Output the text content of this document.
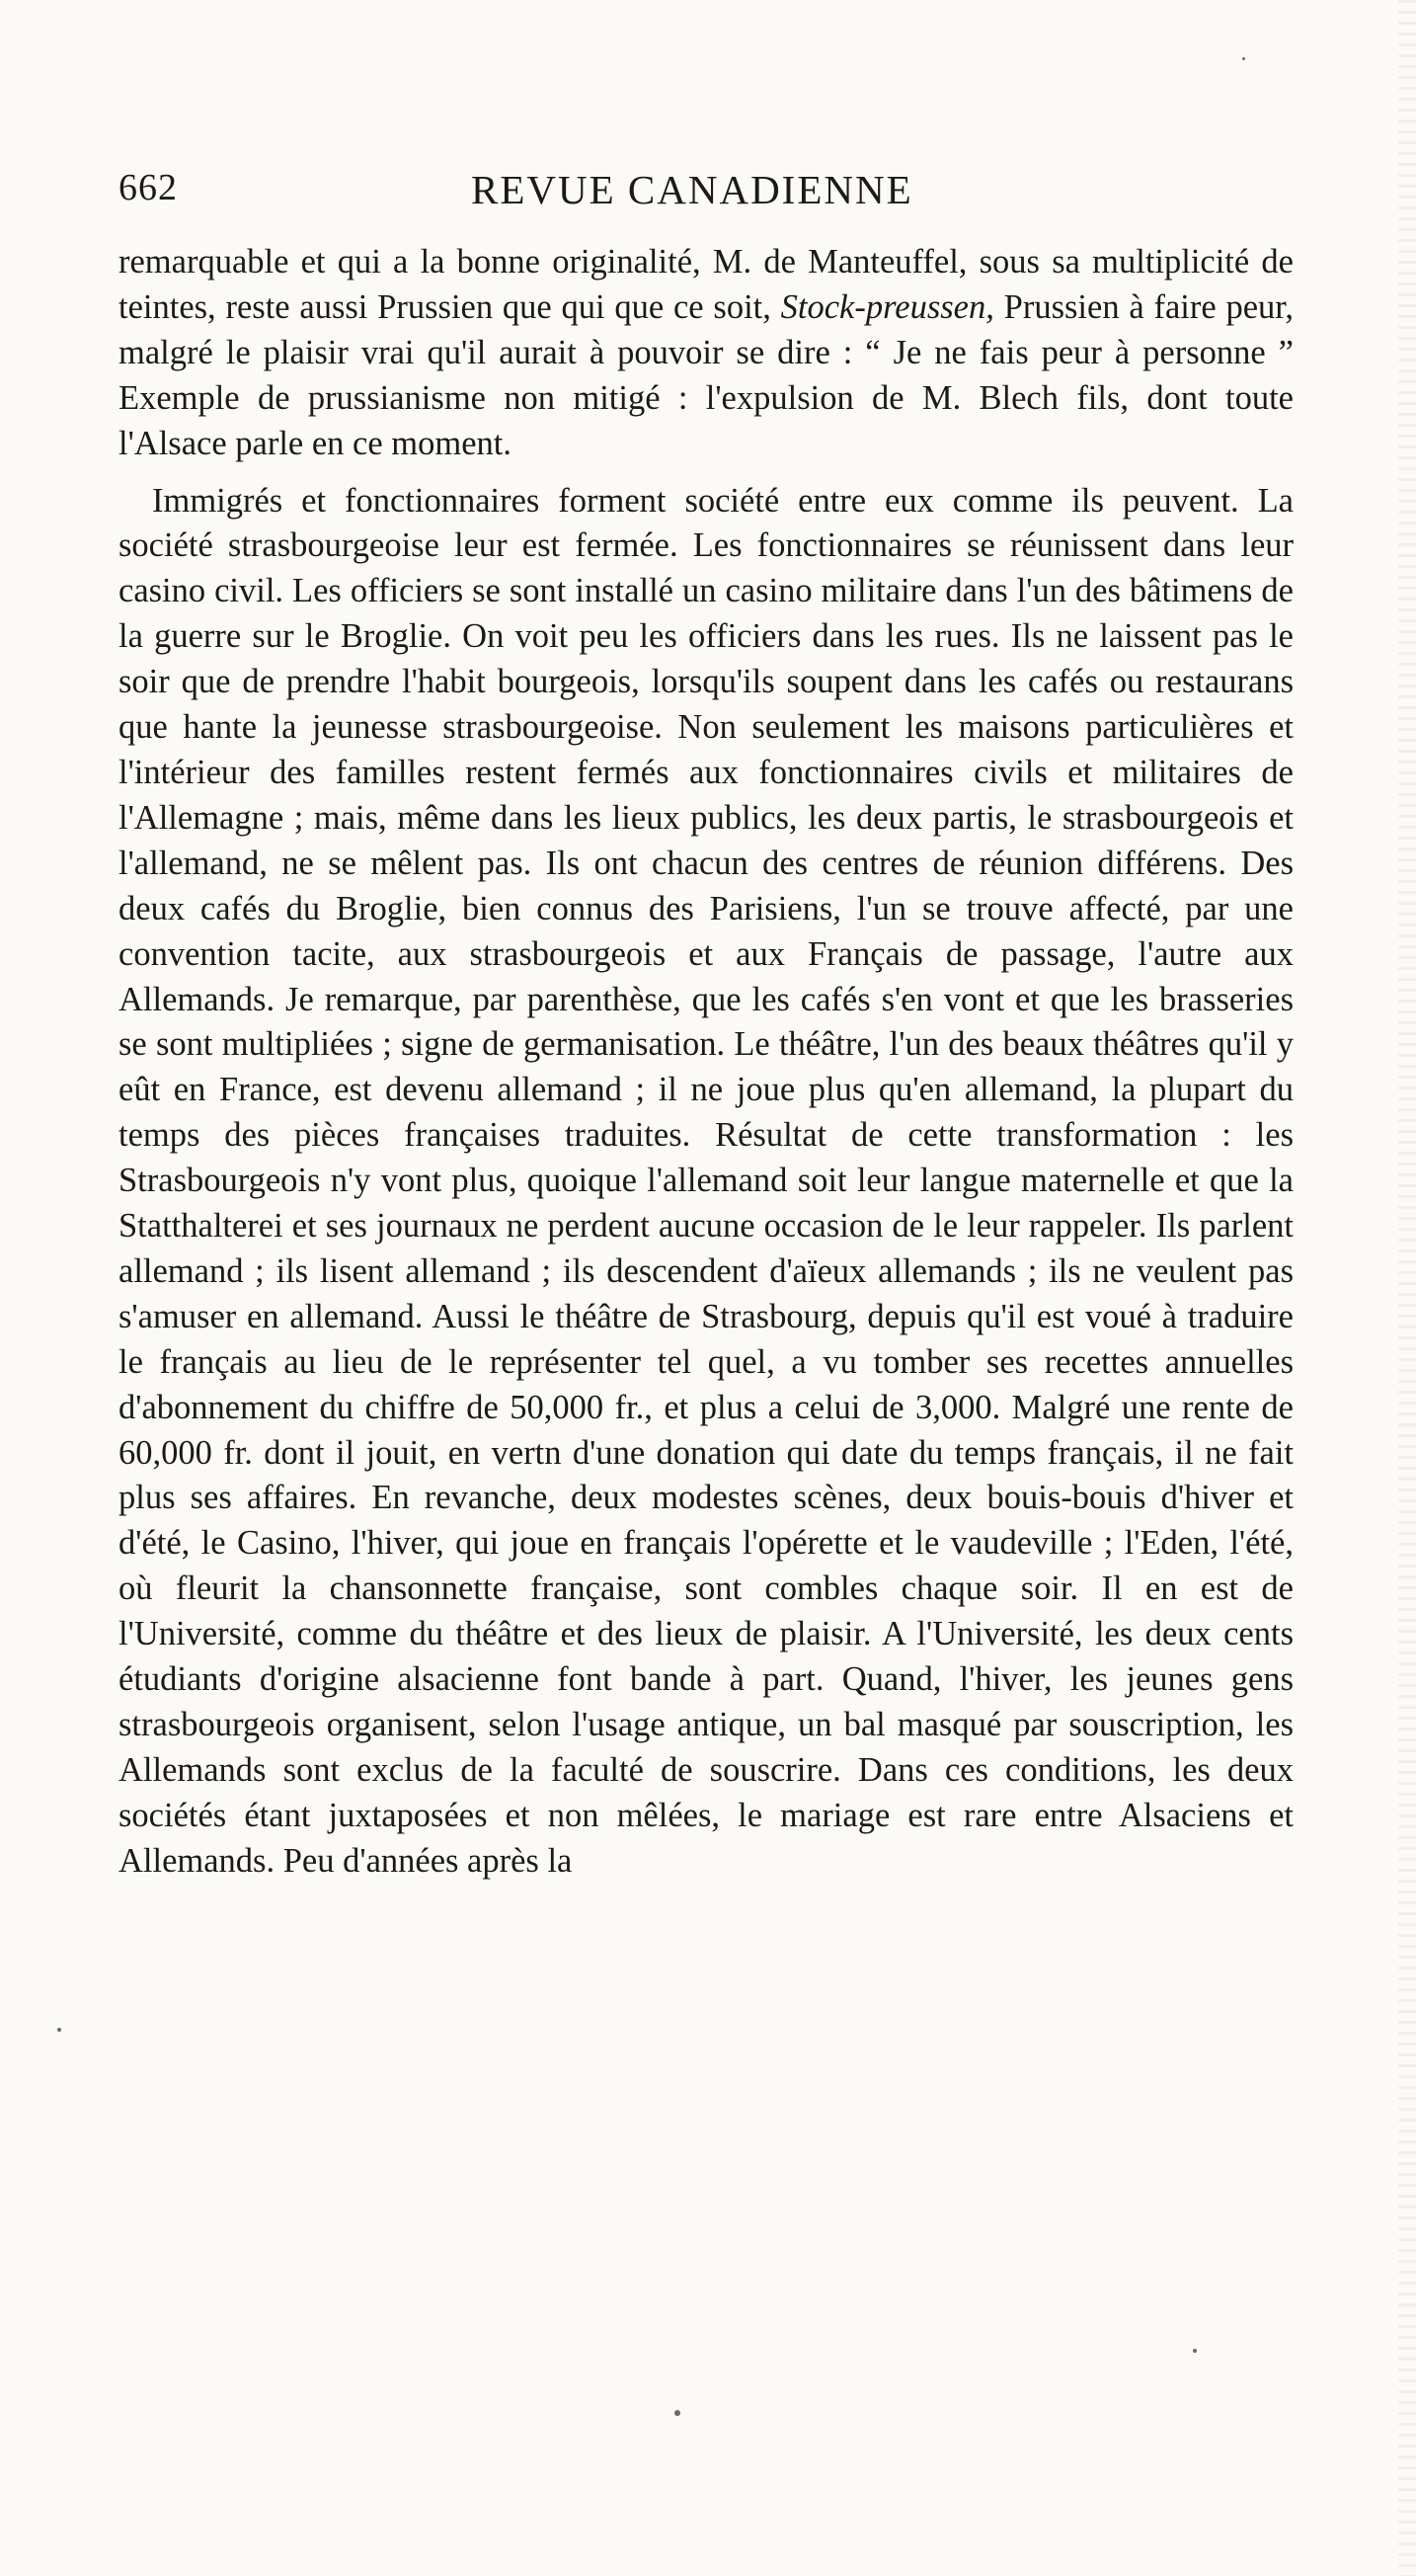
662	REVUE CANADIENNE

remarquable et qui a la bonne originalité, M. de Manteuffel, sous sa multiplicité de teintes, reste aussi Prussien que qui que ce soit, Stock-preussen, Prussien à faire peur, malgré le plaisir vrai qu'il aurait à pouvoir se dire : “ Je ne fais peur à personne ” Exemple de prussianisme non mitigé : l'expulsion de M. Blech fils, dont toute l'Alsace parle en ce moment.

Immigrés et fonctionnaires forment société entre eux comme ils peuvent. La société strasbourgeoise leur est fermée. Les fonctionnaires se réunissent dans leur casino civil. Les officiers se sont installé un casino militaire dans l'un des bâtimens de la guerre sur le Broglie. On voit peu les officiers dans les rues. Ils ne laissent pas le soir que de prendre l'habit bourgeois, lorsqu'ils soupent dans les cafés ou restaurans que hante la jeunesse strasbourgeoise. Non seulement les maisons particulières et l'intérieur des familles restent fermés aux fonctionnaires civils et militaires de l'Allemagne ; mais, même dans les lieux publics, les deux partis, le strasbourgeois et l'allemand, ne se mêlent pas. Ils ont chacun des centres de réunion différens. Des deux cafés du Broglie, bien connus des Parisiens, l'un se trouve affecté, par une convention tacite, aux strasbourgeois et aux Français de passage, l'autre aux Allemands. Je remarque, par parenthèse, que les cafés s'en vont et que les brasseries se sont multipliées ; signe de germanisation. Le théâtre, l'un des beaux théâtres qu'il y eût en France, est devenu allemand ; il ne joue plus qu'en allemand, la plupart du temps des pièces françaises traduites. Résultat de cette transformation : les Strasbourgeois n'y vont plus, quoique l'allemand soit leur langue maternelle et que la Statthalterei et ses journaux ne perdent aucune occasion de le leur rappeler. Ils parlent allemand ; ils lisent allemand ; ils descendent d'aïeux allemands ; ils ne veulent pas s'amuser en allemand. Aussi le théâtre de Strasbourg, depuis qu'il est voué à traduire le français au lieu de le représenter tel quel, a vu tomber ses recettes annuelles d'abonnement du chiffre de 50,000 fr., et plus a celui de 3,000. Malgré une rente de 60,000 fr. dont il jouit, en vertn d'une donation qui date du temps français, il ne fait plus ses affaires. En revanche, deux modestes scènes, deux bouis-bouis d'hiver et d'été, le Casino, l'hiver, qui joue en français l'opérette et le vaudeville ; l'Eden, l'été, où fleurit la chansonnette française, sont combles chaque soir. Il en est de l'Université, comme du théâtre et des lieux de plaisir. A l'Université, les deux cents étudiants d'origine alsacienne font bande à part. Quand, l'hiver, les jeunes gens strasbourgeois organisent, selon l'usage antique, un bal masqué par souscription, les Allemands sont exclus de la faculté de souscrire. Dans ces conditions, les deux sociétés étant juxtaposées et non mêlées, le mariage est rare entre Alsaciens et Allemands. Peu d'années après la
